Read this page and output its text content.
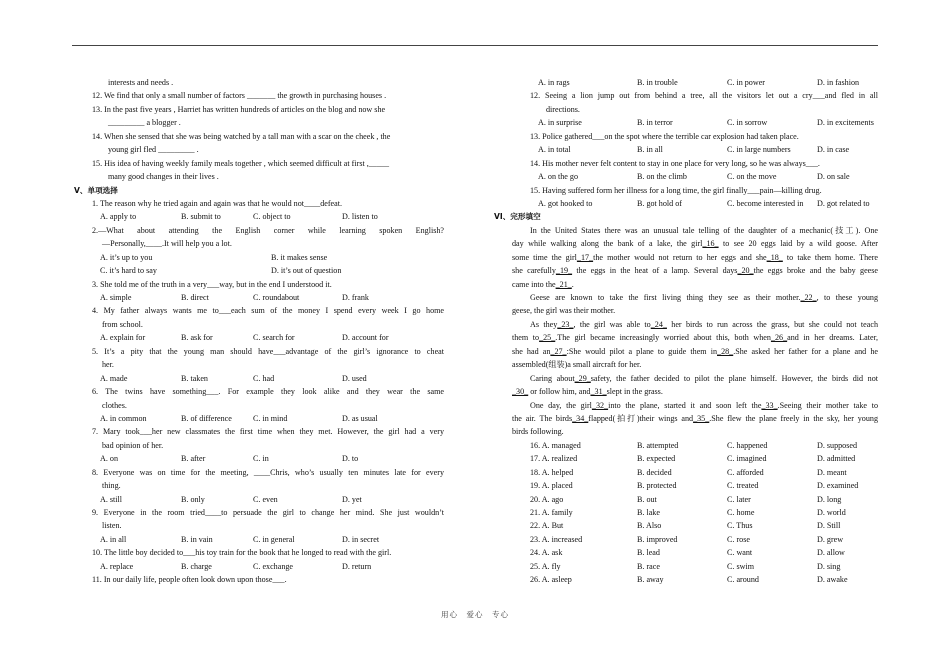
interests and needs .
12. We find that only a small number of factors _______ the growth in purchasing houses .
13. In the past five years , Harriet has written hundreds of articles on the blog and now she
_________ a blogger .
14. When she sensed that she was being watched by a tall man with a scar on the cheek , the
young girl fled _________ .
15. His idea of having weekly family meals together , which seemed difficult at first ,_____
many good changes in their lives .
V、单项选择
1. The reason why he tried again and again was that he would not____defeat.
A. apply to	B. submit to	C. object to	D. listen to
2.—What about attending the English corner while learning spoken English?
—Personally,____.It will help you a lot.
A. it’s up to you	B. it makes sense
C. it’s hard to say	D. it’s out of question
3. She told me of the truth in a very___way, but in the end I understood it.
A. simple	B. direct	C. roundabout	D. frank
4. My father always wants me to___each sum of the money I spend every week I go home
from school.
A. explain for	B. ask for	C. search for	D. account for
5. It’s a pity that the young man should have___advantage of the girl’s ignorance to cheat
her.
A. made	B. taken	C. had	D. used
6. The twins have something___. For example they look alike and they wear the same
clothes.
A. in common	B. of difference	C. in mind	D. as usual
7. Mary took___her new classmates the first time when they met. However, the girl had a very
bad opinion of her.
A. on	B. after	C. in	D. to
8. Everyone was on time for the meeting, ____Chris, who’s usually ten minutes late for every
thing.
A. still	B. only	C. even	D. yet
9. Everyone in the room tried____to persuade the girl to change her mind. She just wouldn’t
listen.
A. in all	B. in vain	C. in general	D. in secret
10. The little boy decided to___his toy train for the book that he longed to read with the girl.
A. replace	B. charge	C. exchange	D. return
11. In our daily life, people often look down upon those___.
A. in rags	B. in trouble	C. in power	D. in fashion
12. Seeing a lion jump out from behind a tree, all the visitors let out a cry___and fled in all
directions.
A. in surprise	B. in terror	C. in sorrow	D. in excitements
13. Police gathered___on the spot where the terrible car explosion had taken place.
A. in total	B. in all	C. in large numbers	D. in case
14. His mother never felt content to stay in one place for very long, so he was always___.
A. on the go	B. on the climb	C. on the move	D. on sale
15. Having suffered form her illness for a long time, the girl finally___pain—killing drug.
A. got hooked to	B. got hold of	C. become interested in D. got related to
VI、完形填空
In the United States there was an unusual tale telling of the daughter of a mechanic(技工). One
day while walking along the bank of a lake, the girl_16_ to see 20 eggs laid by a wild goose. After
some time the girl_17_the mother would not return to her eggs and she_18_ to take them home. There
she carefully_19_ the eggs in the heat of a lamp. Several days_20_the eggs broke and the baby geese
came into the_21_.
Geese are known to take the first living thing they see as their mother._22_, to these young
geese, the girl was their mother.
As they_23_, the girl was able to_24_ her birds to run across the grass, but she could not teach
them to_25_.The girl became increasingly worried about this, both when_26_and in her dreams. Later,
she had an_27_:She would pilot a plane to guide them in_28_.She asked her father for a plane and he
assembled(组装)a small aircraft for her.
Caring about_29_safety, the father decided to pilot the plane himself. However, the birds did not
_30_ or follow him, and_31_slept in the grass.
One day, the girl_32_into the plane, started it and soon left the_33_.Seeing their mother take to
the air. The birds_34_flapped(拍打)their wings and_35_.She flew the plane freely in the sky, her young
birds following.
16. A. managed	B. attempted	C. happened	D. supposed
17. A. realized	B. expected	C. imagined	D. admitted
18. A. helped	B. decided	C. afforded	D. meant
19. A. placed	B. protected	C. treated	D. examined
20. A. ago	B. out	C. later	D. long
21. A. family	B. lake	C. home	D. world
22. A. But	B. Also	C. Thus	D. Still
23. A. increased	B. improved	C. rose	D. grew
24. A. ask	B. lead	C. want	D. allow
25. A. fly	B. race	C. swim	D. sing
26. A. asleep	B. away	C. around	D. awake
用心　爱心　专心
